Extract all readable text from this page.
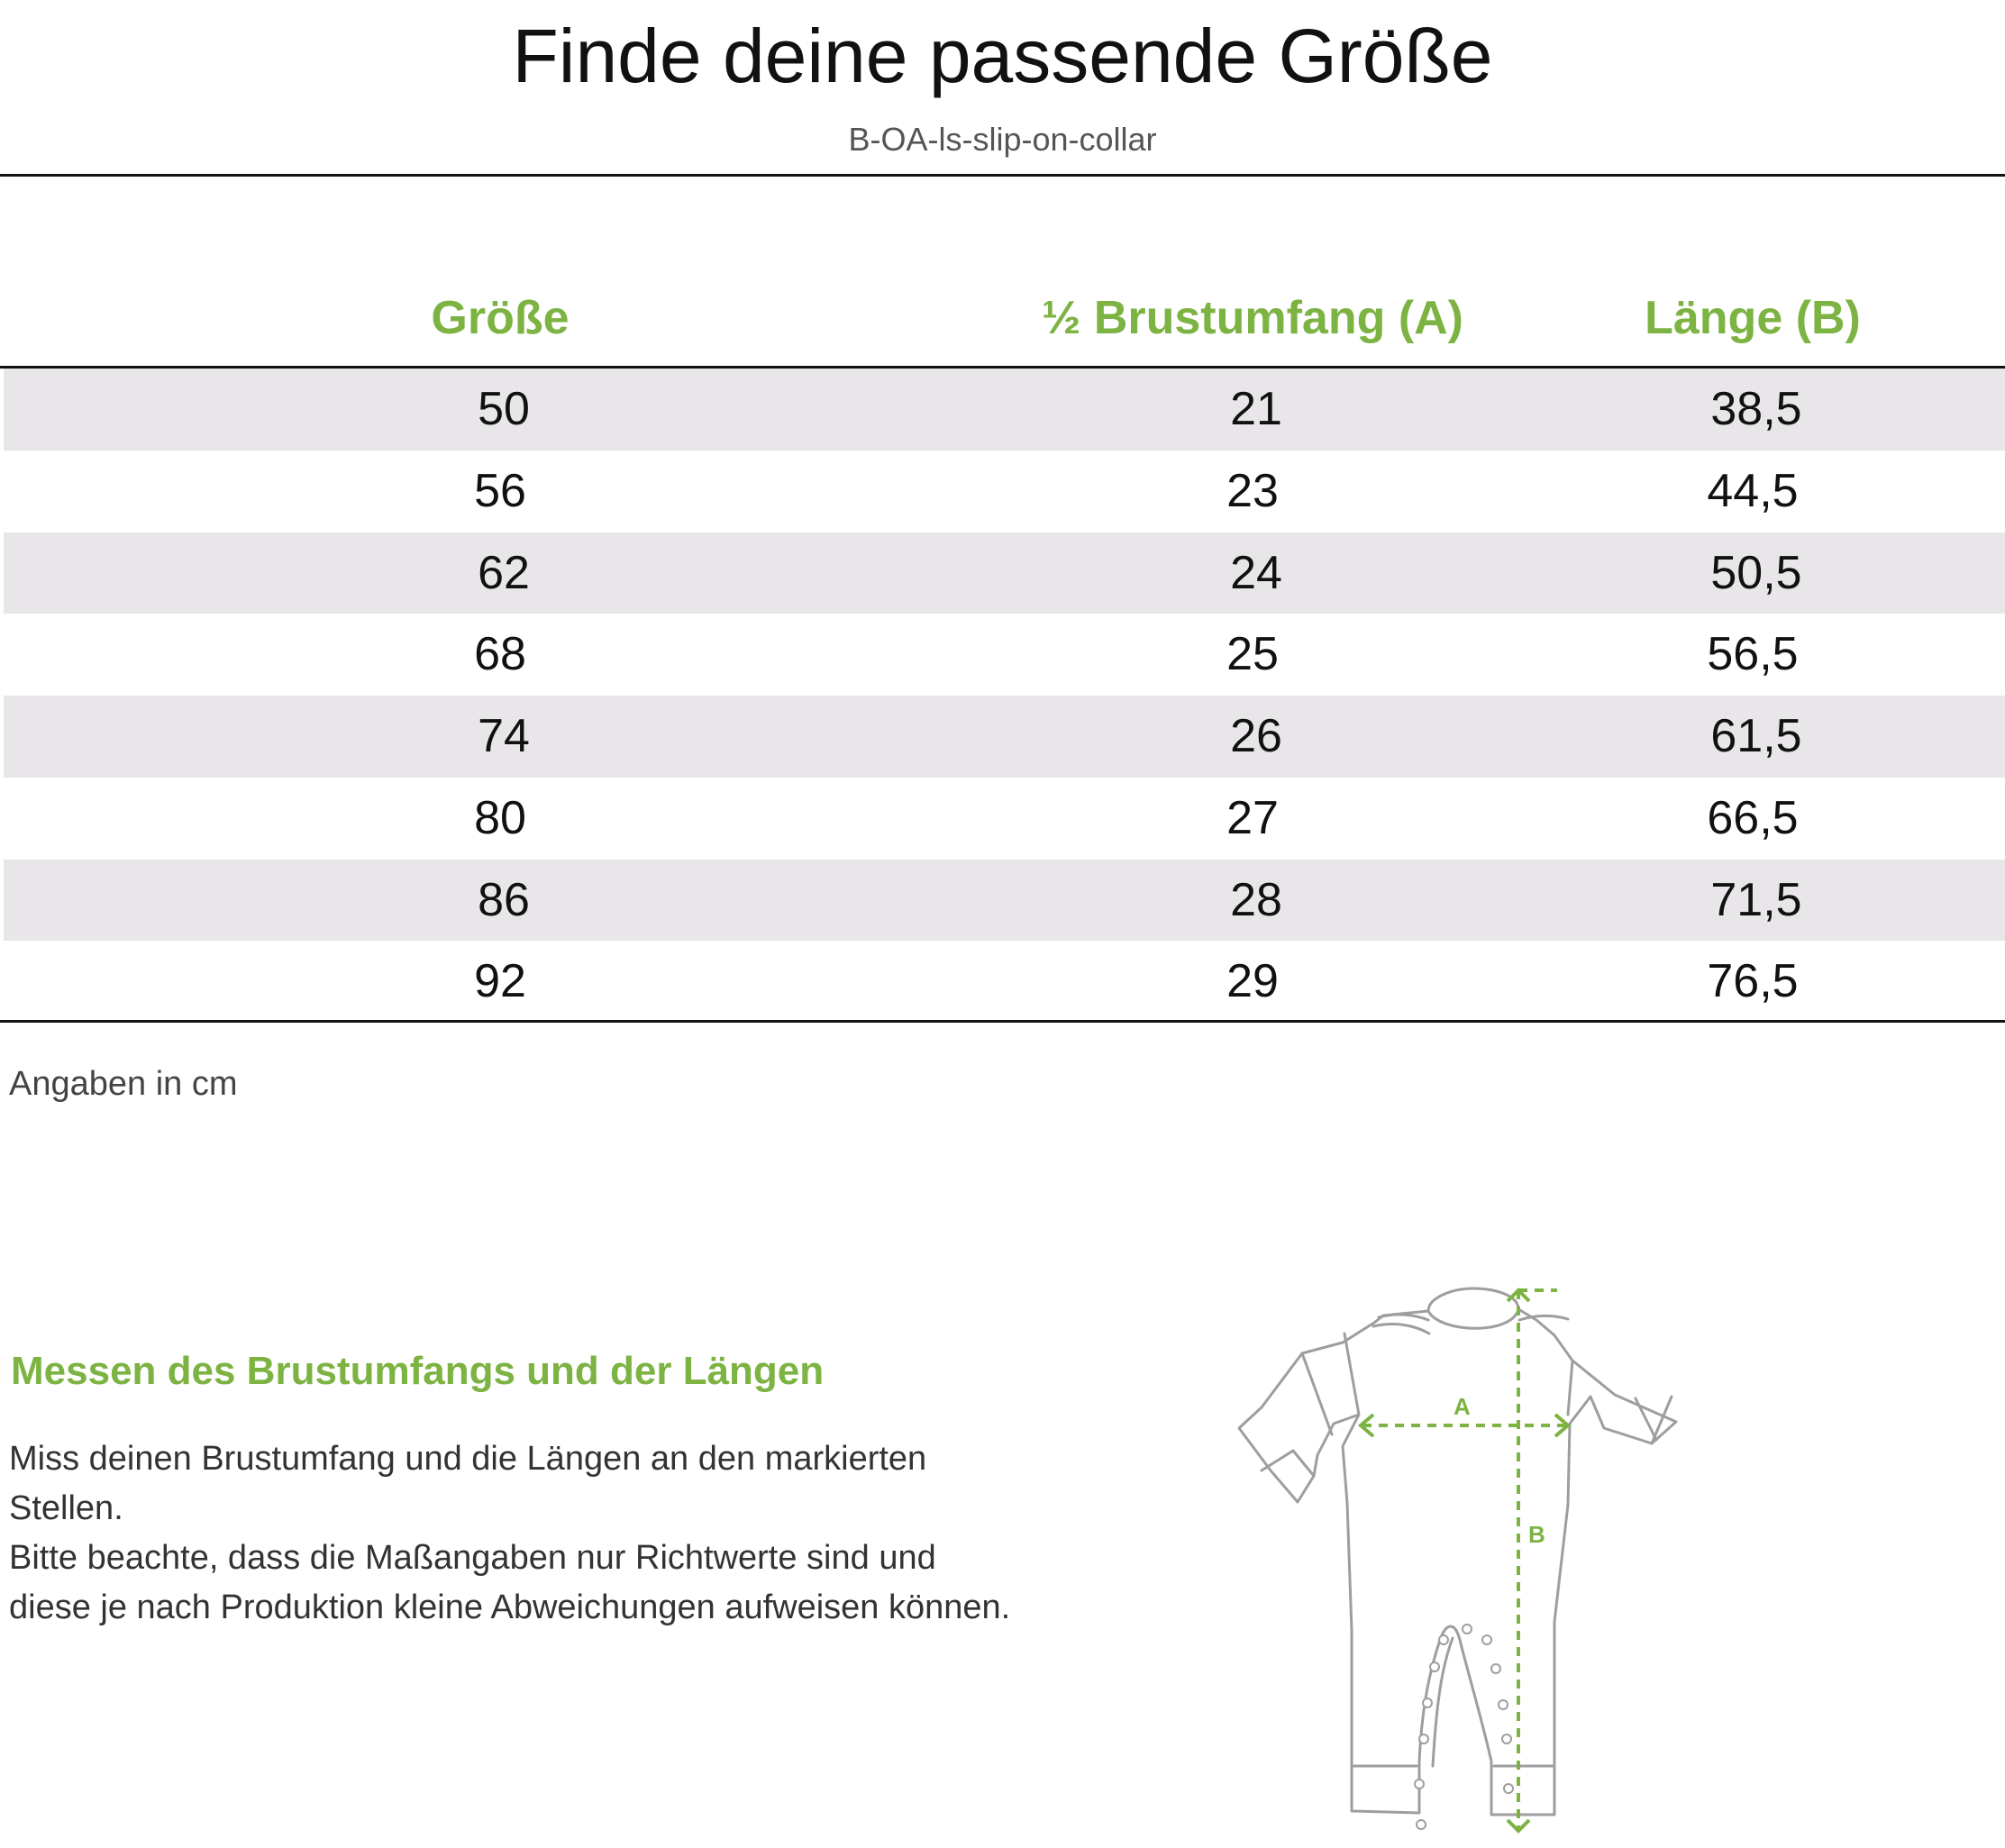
Finde deine passende Größe
B-OA-ls-slip-on-collar
Größe	½ Brustumfang (A)	Länge (B)
50	21	38,5
56	23	44,5
62	24	50,5
68	25	56,5
74	26	61,5
80	27	66,5
86	28	71,5
92	29	76,5
Angaben in cm
Messen des Brustumfangs und der Längen

Miss deinen Brustumfang und die Längen an den markierten Stellen.

Bitte beachte, dass die Maßangaben nur Richtwerte sind und diese je nach Produktion kleine Abweichungen aufweisen können.

A
B
